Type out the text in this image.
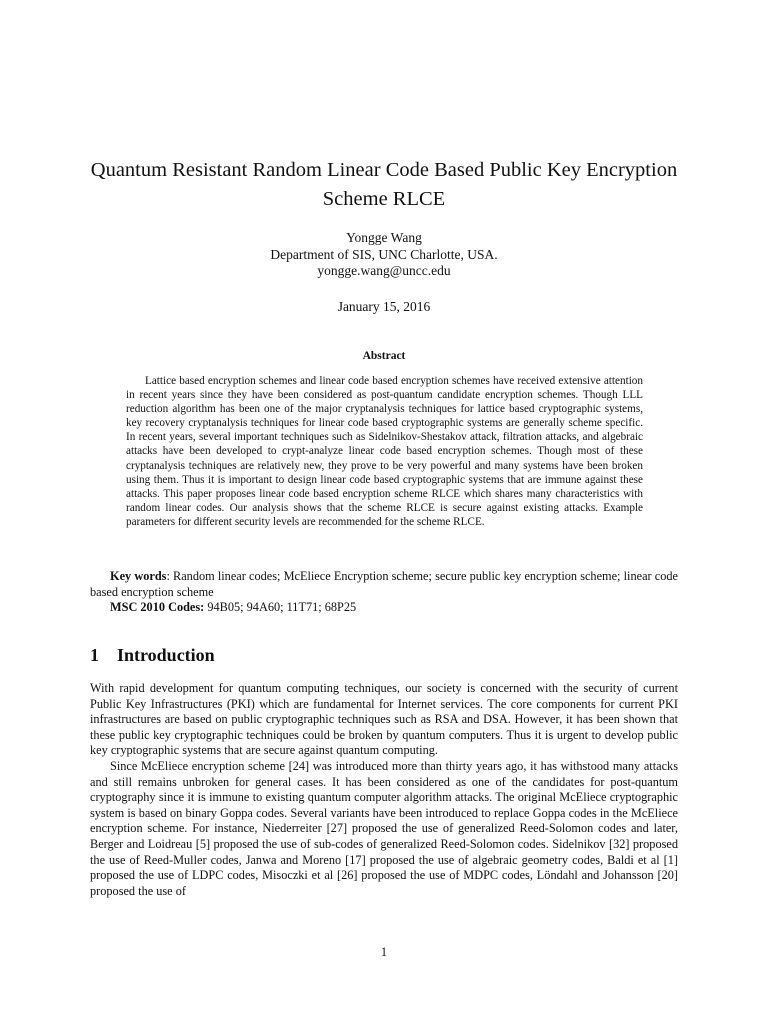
Quantum Resistant Random Linear Code Based Public Key Encryption Scheme RLCE
Yongge Wang
Department of SIS, UNC Charlotte, USA.
yongge.wang@uncc.edu
January 15, 2016
Abstract

Lattice based encryption schemes and linear code based encryption schemes have received extensive attention in recent years since they have been considered as post-quantum candidate encryption schemes. Though LLL reduction algorithm has been one of the major cryptanalysis techniques for lattice based cryptographic systems, key recovery cryptanalysis techniques for linear code based cryptographic systems are generally scheme specific. In recent years, several important techniques such as Sidelnikov-Shestakov attack, filtration attacks, and algebraic attacks have been developed to crypt-analyze linear code based encryption schemes. Though most of these cryptanalysis techniques are relatively new, they prove to be very powerful and many systems have been broken using them. Thus it is important to design linear code based cryptographic systems that are immune against these attacks. This paper proposes linear code based encryption scheme RLCE which shares many characteristics with random linear codes. Our analysis shows that the scheme RLCE is secure against existing attacks. Example parameters for different security levels are recommended for the scheme RLCE.

Key words: Random linear codes; McEliece Encryption scheme; secure public key encryption scheme; linear code based encryption scheme
MSC 2010 Codes: 94B05; 94A60; 11T71; 68P25
1 Introduction

With rapid development for quantum computing techniques, our society is concerned with the security of current Public Key Infrastructures (PKI) which are fundamental for Internet services. The core components for current PKI infrastructures are based on public cryptographic techniques such as RSA and DSA. However, it has been shown that these public key cryptographic techniques could be broken by quantum computers. Thus it is urgent to develop public key cryptographic systems that are secure against quantum computing.

Since McEliece encryption scheme [24] was introduced more than thirty years ago, it has withstood many attacks and still remains unbroken for general cases. It has been considered as one of the candidates for post-quantum cryptography since it is immune to existing quantum computer algorithm attacks. The original McEliece cryptographic system is based on binary Goppa codes. Several variants have been introduced to replace Goppa codes in the McEliece encryption scheme. For instance, Niederreiter [27] proposed the use of generalized Reed-Solomon codes and later, Berger and Loidreau [5] proposed the use of sub-codes of generalized Reed-Solomon codes. Sidelnikov [32] proposed the use of Reed-Muller codes, Janwa and Moreno [17] proposed the use of algebraic geometry codes, Baldi et al [1] proposed the use of LDPC codes, Misoczki et al [26] proposed the use of MDPC codes, Löndahl and Johansson [20] proposed the use of

1
